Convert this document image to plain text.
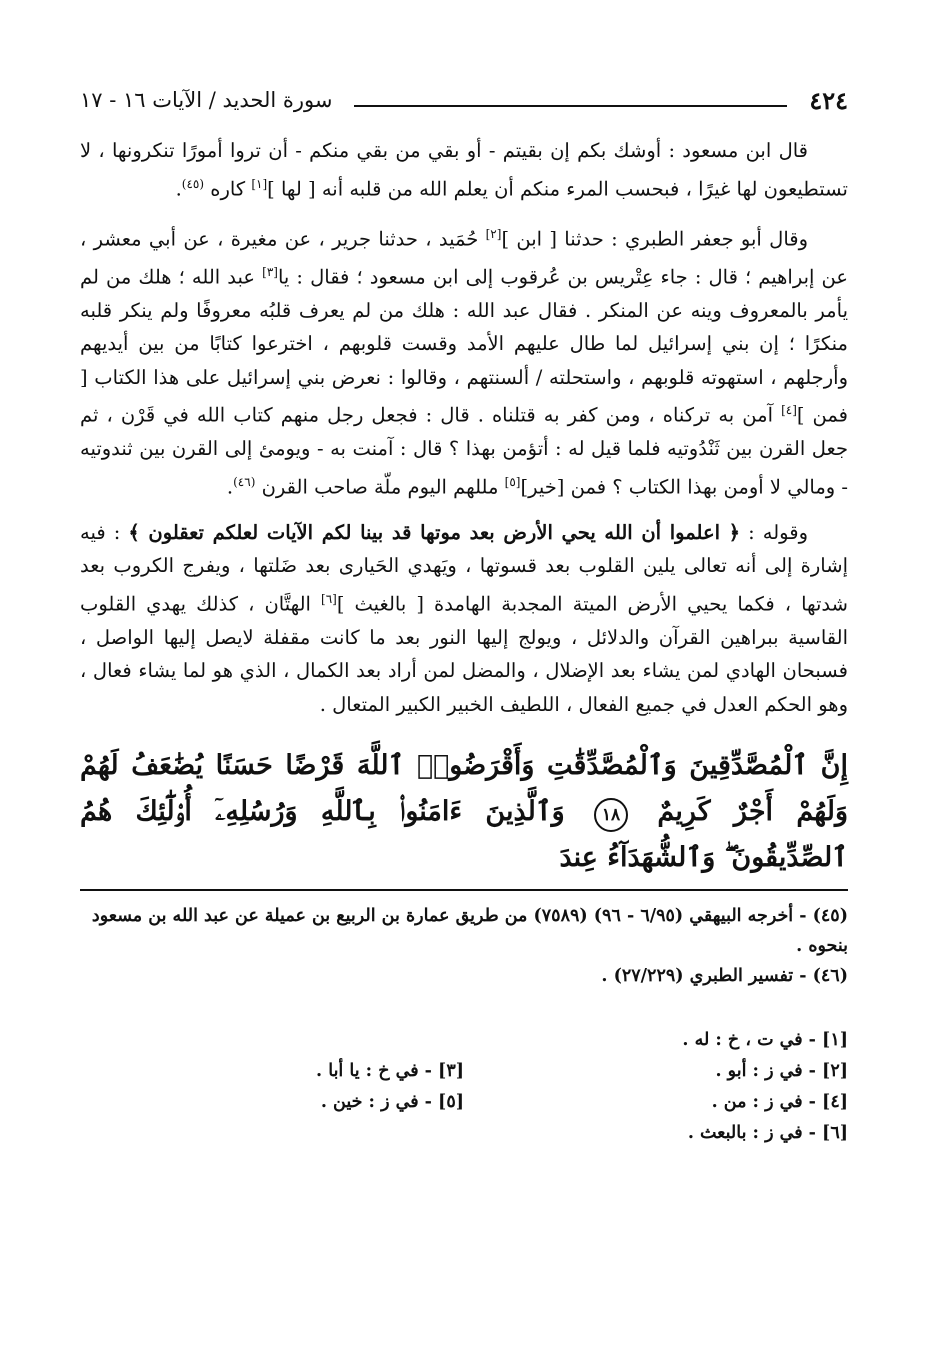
٤٢٤
سورة الحديد / الآيات ١٦ - ١٧

قال ابن مسعود : أوشك بكم إن بقيتم - أو بقي من بقي منكم - أن تروا أمورًا تنكرونها ، لا تستطيعون لها غيرًا ، فبحسب المرء منكم أن يعلم الله من قلبه أنه [ لها ][١] كاره $^{(٤٥)}$.

وقال أبو جعفر الطبري : حدثنا [ ابن ][٢] حُمَيد ، حدثنا جرير ، عن مغيرة ، عن أبي معشر ، عن إبراهيم ؛ قال : جاء عِتْريس بن عُرقوب إلى ابن مسعود ؛ فقال : يا[٣] عبد الله ؛ هلك من لم يأمر بالمعروف وينه عن المنكر . فقال عبد الله : هلك من لم يعرف قلبُه معروفًا ولم ينكر قلبه منكرًا ؛ إن بني إسرائيل لما طال عليهم الأمد وقست قلوبهم ، اخترعوا كتابًا من بين أيديهم وأرجلهم ، استهوته قلوبهم ، واستحلته / ألسنتهم ، وقالوا : نعرض بني إسرائيل على هذا الكتاب [ فمن ][٤] آمن به تركناه ، ومن كفر به قتلناه . قال : فجعل رجل منهم كتاب الله في قَرْن ، ثم جعل القرن بين ثَنْدُوتيه فلما قيل له : أتؤمن بهذا ؟ قال : آمنت به - ويومئ إلى القرن بين ثندوتيه - ومالي لا أومن بهذا الكتاب ؟ فمن [خير][٥] مللهم اليوم ملّة صاحب القرن $^{(٤٦)}$.

وقوله : ﴿ اعلموا أن الله يحي الأرض بعد موتها قد بينا لكم الآيات لعلكم تعقلون ﴾ : فيه إشارة إلى أنه تعالى يلين القلوب بعد قسوتها ، ويَهدي الحَيارى بعد ضَلتها ، ويفرج الكروب بعد شدتها ، فكما يحيي الأرض الميتة المجدبة الهامدة [ بالغيث ][٦] الهتَّان ، كذلك يهدي القلوب القاسية ببراهين القرآن والدلائل ، ويولج إليها النور بعد ما كانت مقفلة لايصل إليها الواصل ، فسبحان الهادي لمن يشاء بعد الإضلال ، والمضل لمن أراد بعد الكمال ، الذي هو لما يشاء فعال ، وهو الحكم العدل في جميع الفعال ، اللطيف الخبير الكبير المتعال .

إِنَّ ٱلْمُصَّدِّقِينَ وَٱلْمُصَّدِّقَٰتِ وَأَقْرَضُوا۟ ٱللَّهَ قَرْضًا حَسَنًا يُضَٰعَفُ لَهُمْ وَلَهُمْ أَجْرٌ كَرِيمٌ ١٨ وَٱلَّذِينَ ءَامَنُوا۟ بِٱللَّهِ وَرُسُلِهِۦٓ أُو۟لَٰٓئِكَ هُمُ ٱلصِّدِّيقُونَ ۖ وَٱلشُّهَدَآءُ عِندَ

(٤٥) - أخرجه البيهقي (٦/٩٥ - ٩٦) (٧٥٨٩) من طريق عمارة بن الربيع بن عميلة عن عبد الله بن مسعود بنحوه .

(٤٦) - تفسير الطبري (٢٧/٢٢٩) .

[١] - في ت ، خ : له .
[٢] - في ز : أبو .
[٣] - في خ : يا أبا .
[٤] - في ز : من .
[٥] - في ز : خين .
[٦] - في ز : بالبعث .
